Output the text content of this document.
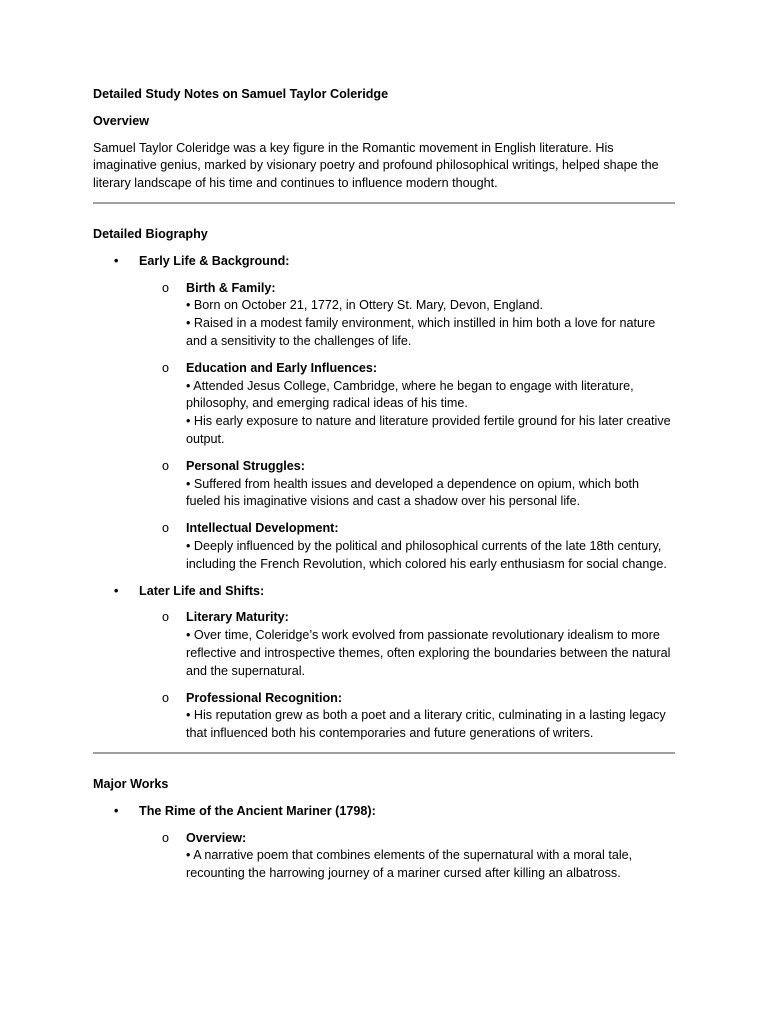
Detailed Study Notes on Samuel Taylor Coleridge
Overview
Samuel Taylor Coleridge was a key figure in the Romantic movement in English literature. His imaginative genius, marked by visionary poetry and profound philosophical writings, helped shape the literary landscape of his time and continues to influence modern thought.
Detailed Biography
• Early Life & Background:
o Birth & Family:
• Born on October 21, 1772, in Ottery St. Mary, Devon, England.
• Raised in a modest family environment, which instilled in him both a love for nature and a sensitivity to the challenges of life.
o Education and Early Influences:
• Attended Jesus College, Cambridge, where he began to engage with literature, philosophy, and emerging radical ideas of his time.
• His early exposure to nature and literature provided fertile ground for his later creative output.
o Personal Struggles:
• Suffered from health issues and developed a dependence on opium, which both fueled his imaginative visions and cast a shadow over his personal life.
o Intellectual Development:
• Deeply influenced by the political and philosophical currents of the late 18th century, including the French Revolution, which colored his early enthusiasm for social change.
• Later Life and Shifts:
o Literary Maturity:
• Over time, Coleridge’s work evolved from passionate revolutionary idealism to more reflective and introspective themes, often exploring the boundaries between the natural and the supernatural.
o Professional Recognition:
• His reputation grew as both a poet and a literary critic, culminating in a lasting legacy that influenced both his contemporaries and future generations of writers.
Major Works
• The Rime of the Ancient Mariner (1798):
o Overview:
• A narrative poem that combines elements of the supernatural with a moral tale, recounting the harrowing journey of a mariner cursed after killing an albatross.
